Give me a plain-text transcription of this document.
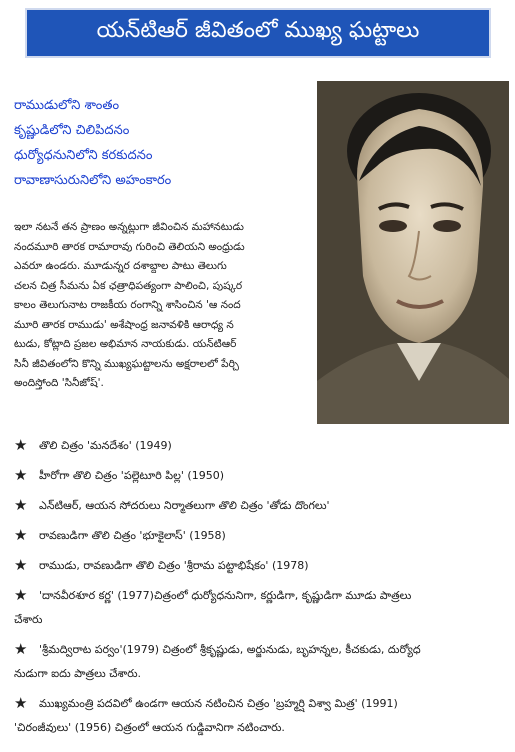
యన్‌టిఆర్ జీవితంలో ముఖ్య ఘట్టాలు
రాముడులోని శాంతం
కృష్ణుడిలోని చిలిపిదనం
ధుర్యోధనునిలోని కరకుదనం
రావాణాసురునిలోని అహంకారం

ఇలా నటనే తన ప్రాణం అన్నట్లుగా జీవించిన మహానటుడు

నందమూరి తారక రామారావు గురించి తెలియని అంధ్రుడు

ఎవరూ ఉండరు. మూడున్నర దశాబ్దాల పాటు తెలుగు

చలన చిత్ర సీమను ఏక ఛత్రాధిపత్యంగా పాలించి, పుష్కర

కాలం తెలుగునాట రాజకీయ రంగాన్ని శాసించిన 'ఆ నంద

మూరి తారక రాముడు' అశేషాంధ్ర జనావళికి ఆరాధ్య న

టుడు, కోట్లాది ప్రజల అభిమాన నాయకుడు. యన్‌టిఆర్

సినీ జీవితంలోని కొన్ని ముఖ్యఘట్టాలను అక్షరాలలో పేర్చి

అందిస్తోంది 'సినీజోష్'.

★ తొలి చిత్రం 'మనదేశం' (1949)
★ హీరోగా తొలి చిత్రం 'పల్లెటూరి పిల్ల' (1950)
★ ఎన్‌టిఆర్, ఆయన సోదరులు నిర్మాతలుగా తొలి చిత్రం 'తోడు దొంగలు'
★ రావణుడిగా తొలి చిత్రం 'భూకైలాస్' (1958)
★ రాముడు, రావణుడిగా తొలి చిత్రం 'శ్రీరామ పట్టాభిషేకం' (1978)
★ 'దానవీరశూర కర్ణ' (1977)చిత్రంలో ధుర్యోధనునిగా, కర్ణుడిగా, కృష్ణుడిగా మూడు పాత్రలు
చేశారు
★ 'శ్రీమద్విరాట పర్వం'(1979) చిత్రంలో శ్రీకృష్ణుడు, అర్జునుడు, బృహన్నల, కీచకుడు, దుర్యోధ
నుడుగా ఐదు పాత్రలు చేశారు.
★ ముఖ్యమంత్రి పదవిలో ఉండగా ఆయన నటించిన చిత్రం 'బ్రహ్మర్షి విశ్వా మిత్ర' (1991)
'చిరంజీవులు' (1956) చిత్రంలో ఆయన గుడ్డివానిగా నటించారు.
